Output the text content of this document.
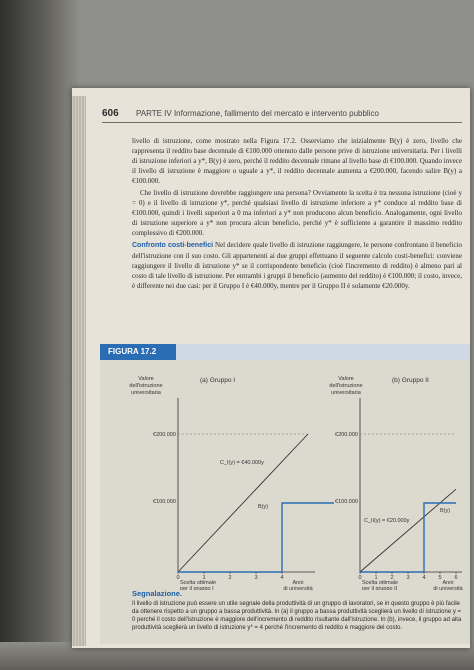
606 PARTE IV Informazione, fallimento del mercato e intervento pubblico

livello di istruzione, come mostrato nella Figura 17.2. Osserviamo che inizialmente B(y) è zero, livello che rappresenta il reddito base decennale di €100.000 ottenuto dalle persone prive di istruzione universitaria. Per i livelli di istruzione inferiori a y*, B(y) è zero, perché il reddito decennale rimane al livello base di €100.000. Quando invece il livello di istruzione è maggiore o uguale a y*, il reddito decennale aumenta a €200.000, facendo salire B(y) a €100.000.

Che livello di istruzione dovrebbe raggiungere una persona? Ovviamente la scelta è tra nessuna istruzione (cioè y = 0) e il livello di istruzione y*, perché qualsiasi livello di istruzione inferiore a y* conduce al reddito base di €100.000, quindi i livelli superiori a 0 ma inferiori a y* non producono alcun beneficio. Analogamente, ogni livello di istruzione superiore a y* non procura alcun beneficio, perché y* è sufficiente a garantire il massimo reddito complessivo di €200.000.

Confronto costi-benefici Nel decidere quale livello di istruzione raggiungere, le persone confrontano il beneficio dell'istruzione con il suo costo. Gli appartenenti ai due gruppi effettuano il seguente calcolo costi-benefici: conviene raggiungere il livello di istruzione y* se il corrispondente beneficio (cioè l'incremento di reddito) è almeno pari al costo di tale livello di istruzione. Per entrambi i gruppi il beneficio (aumento del reddito) è €100.000; il costo, invece, è differente nei due casi: per il Gruppo I è €40.000y, mentre per il Gruppo II è solamente €20.000y.

FIGURA 17.2
(a) Gruppo I
Valore
dell'istruzione
universitaria
€200.000
€100.000
C_I(y) = €40.000y
B(y)
0	1	2	3	4
Anni
di università
Scelta ottimale
per il gruppo I
(b) Gruppo II
Valore
dell'istruzione
universitaria
€200.000
€100.000
C_II(y) = €20.000y
B(y)
0 1 2 3 4 5 6
Anni
di università
Scelta ottimale
per il gruppo II
Segnalazione.
Il livello di istruzione può essere un utile segnale della produttività di un gruppo di lavoratori, se in questo gruppo è più facile da ottenere rispetto a un gruppo a bassa produttività. In (a) il gruppo a bassa produttività sceglierà un livello di istruzione y = 0 perché il costo dell'istruzione è maggiore dell'incremento di reddito risultante dall'istruzione. In (b), invece, il gruppo ad alta produttività sceglierà un livello di istruzione y* = 4 perché l'incremento di reddito è maggiore del costo.
